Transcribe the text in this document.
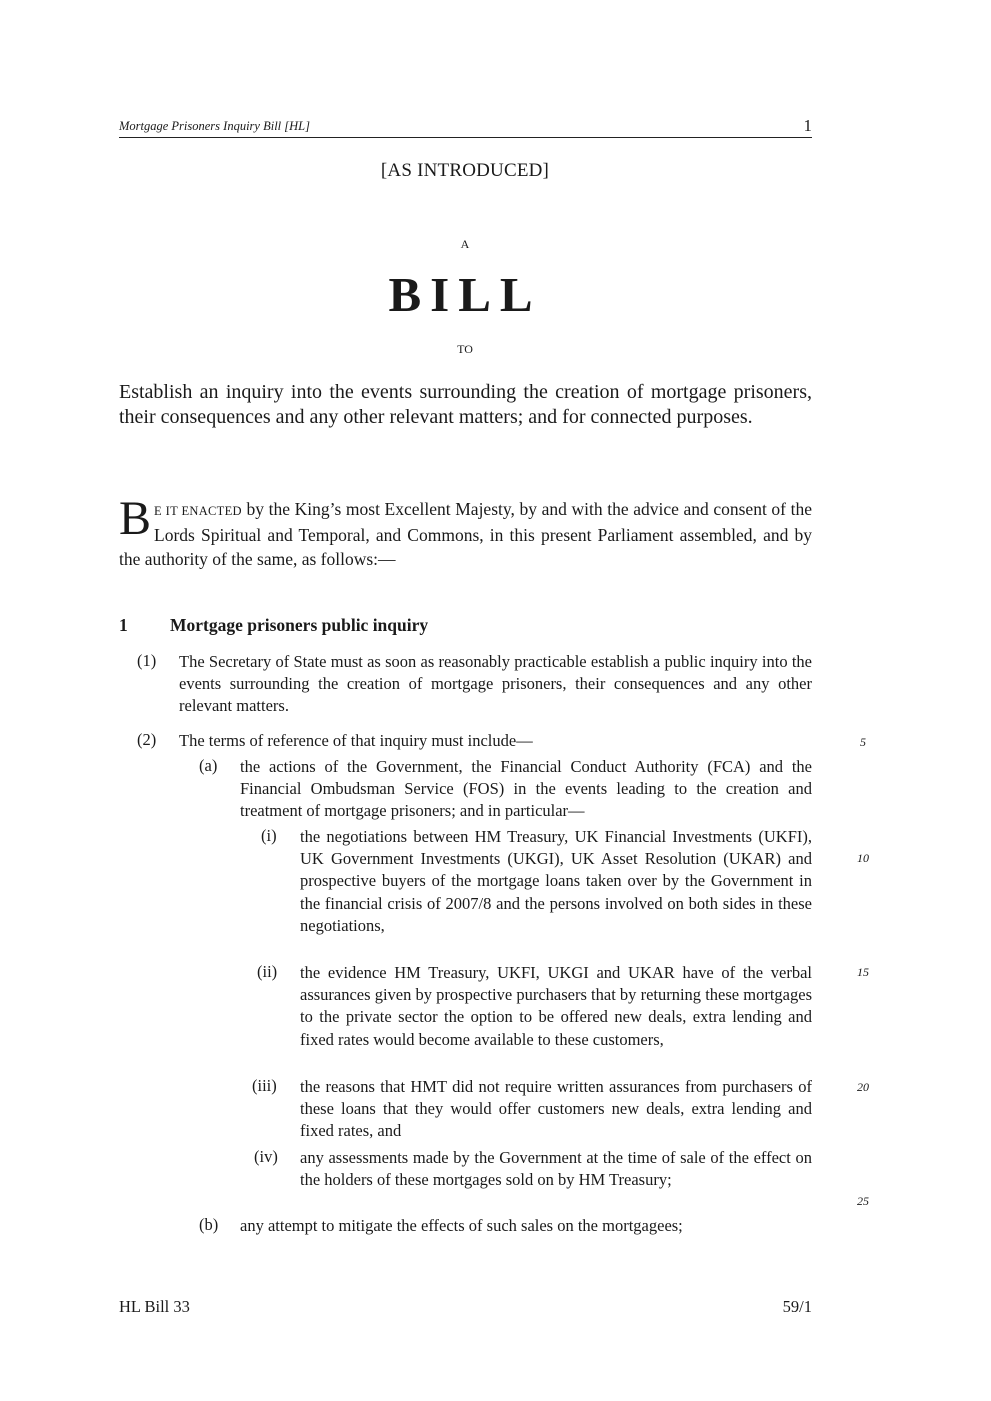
Mortgage Prisoners Inquiry Bill [HL]	1
[AS INTRODUCED]
A
BILL
TO
Establish an inquiry into the events surrounding the creation of mortgage prisoners, their consequences and any other relevant matters; and for connected purposes.
B E IT ENACTED by the King’s most Excellent Majesty, by and with the advice and consent of the Lords Spiritual and Temporal, and Commons, in this present Parliament assembled, and by the authority of the same, as follows:—
1 Mortgage prisoners public inquiry
(1) The Secretary of State must as soon as reasonably practicable establish a public inquiry into the events surrounding the creation of mortgage prisoners, their consequences and any other relevant matters.
(2) The terms of reference of that inquiry must include—
(a) the actions of the Government, the Financial Conduct Authority (FCA) and the Financial Ombudsman Service (FOS) in the events leading to the creation and treatment of mortgage prisoners; and in particular—
(i) the negotiations between HM Treasury, UK Financial Investments (UKFI), UK Government Investments (UKGI), UK Asset Resolution (UKAR) and prospective buyers of the mortgage loans taken over by the Government in the financial crisis of 2007/8 and the persons involved on both sides in these negotiations,
(ii) the evidence HM Treasury, UKFI, UKGI and UKAR have of the verbal assurances given by prospective purchasers that by returning these mortgages to the private sector the option to be offered new deals, extra lending and fixed rates would become available to these customers,
(iii) the reasons that HMT did not require written assurances from purchasers of these loans that they would offer customers new deals, extra lending and fixed rates, and
(iv) any assessments made by the Government at the time of sale of the effect on the holders of these mortgages sold on by HM Treasury;
(b) any attempt to mitigate the effects of such sales on the mortgagees;
5
10
15
20
25
HL Bill 33	59/1
